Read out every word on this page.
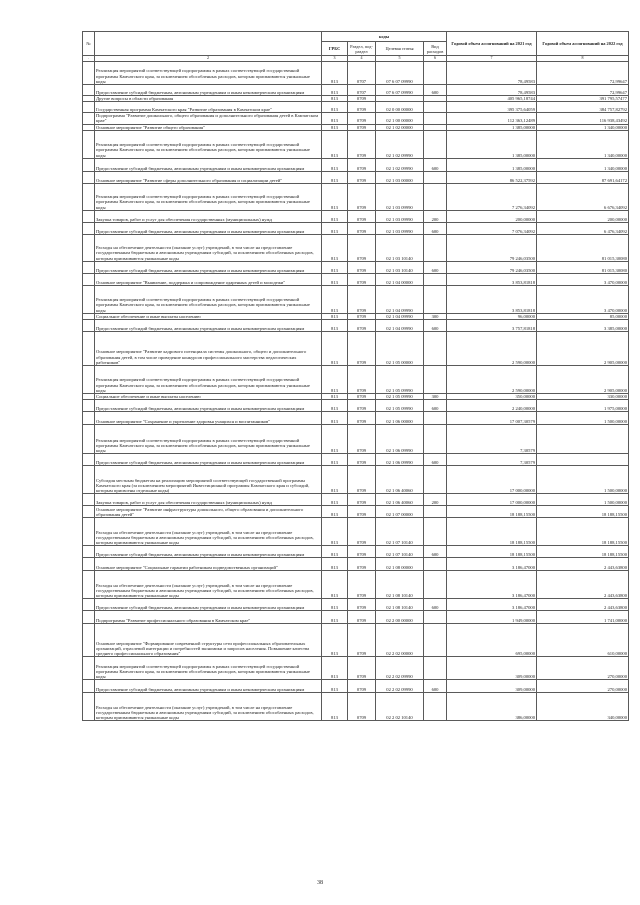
№		коды				Годовой объем ассигнований на 2021 год	Годовой объем ассигнований на 2022 год
		ГРБС	Раздел, под-раздел	Целевая статья	Вид расходов		
.	2	3	4	5	6	7	8
	Реализация мероприятий соответствующей подпрограммы в рамках соответствующей государственной программы Камчатского края, за исключением обособленных расходов, которым присваиваются уникальные коды	813	0707	07 6 07 09990		78,49583	72,99647
	Предоставление субсидий бюджетным, автономным учреждениям и иным некоммерческим организациям	813	0707	07 6 07 09990	600	78,49583	72,99647
	Другие вопросы в области образования	813	0709			405 965,18744	391 795,57477
	Государственная программа Камчатского края "Развитие образования в Камчатском крае"	813	0709	02 0 00 00000		395 375,64059	384 757,82792
	Подпрограмма "Развитие дошкольного, общего образования и дополнительного образования детей в Камчатском крае"	813	0709	02 1 00 00000		112 363,12489	116 938,43492
	Основное мероприятие "Развитие общего образования"	813	0709	02 1 02 00000		1 385,00000	1 340,00000
	Реализация мероприятий соответствующей подпрограммы в рамках соответствующей государственной программы Камчатского края, за исключением обособленных расходов, которым присваиваются уникальные коды	813	0709	02 1 02 09990		1 385,00000	1 340,00000
	Предоставление субсидий бюджетным, автономным учреждениям и иным некоммерческим организациям	813	0709	02 1 02 09990	600	1 385,00000	1 340,00000
	Основное мероприятие "Развитие сферы дополнительного образования и социализации детей"	813	0709	02 1 03 00000		86 522,37592	87 691,64172
	Реализация мероприятий соответствующей подпрограммы в рамках соответствующей государственной программы Камчатского края, за исключением обособленных расходов, которым присваиваются уникальные коды	813	0709	02 1 03 09990		7 276,34092	6 676,34092
	Закупка товаров, работ и услуг для обеспечения государственных (муниципальных) нужд	813	0709	02 1 03 09990	200	200,00000	200,00000
	Предоставление субсидий бюджетным, автономным учреждениям и иным некоммерческим организациям	813	0709	02 1 03 09990	600	7 076,34092	6 476,34092
	Расходы на обеспечение деятельности (оказание услуг) учреждений, в том числе на предоставление государственным бюджетным и автономным учреждениям субсидий, за исключением обособленных расходов, которым присваиваются уникальные коды	813	0709	02 1 03 10140		79 246,03500	81 015,30080
	Предоставление субсидий бюджетным, автономным учреждениям и иным некоммерческим организациям	813	0709	02 1 03 10140	600	79 246,03500	81 015,30080
	Основное мероприятие "Выявление, поддержка и сопровождение одаренных детей и молодежи"	813	0709	02 1 04 00000		3 853,81818	3 470,00000
	Реализация мероприятий соответствующей подпрограммы в рамках соответствующей государственной программы Камчатского края, за исключением обособленных расходов, которым присваиваются уникальные коды	813	0709	02 1 04 09990		3 853,81818	3 470,00000
	Социальное обеспечение и иные выплаты населению	813	0709	02 1 04 09990	300	96,00000	85,00000
	Предоставление субсидий бюджетным, автономным учреждениям и иным некоммерческим организациям	813	0709	02 1 04 09990	600	3 757,81818	3 385,00000
	Основное мероприятие "Развитие кадрового потенциала системы дошкольного, общего и дополнительного образования детей, в том числе проведение конкурсов профессионального мастерства педагогических работников"	813	0709	02 1 05 00000		2 590,00000	2 905,00000
	Реализация мероприятий соответствующей подпрограммы в рамках соответствующей государственной программы Камчатского края, за исключением обособленных расходов, которым присваиваются уникальные коды	813	0709	02 1 05 09990		2 590,00000	2 905,00000
	Социальное обеспечение и иные выплаты населению	813	0709	02 1 05 09990	300	350,00000	330,00000
	Предоставление субсидий бюджетным, автономным учреждениям и иным некоммерческим организациям	813	0709	02 1 05 09990	600	2 240,00000	1 975,00000
	Основное мероприятие "Сохранение и укрепление здоровья учащихся и воспитанников"	813	0709	02 1 06 00000		17 007,30579	1 500,00000
	Реализация мероприятий соответствующей подпрограммы в рамках соответствующей государственной программы Камчатского края, за исключением обособленных расходов, которым присваиваются уникальные коды	813	0709	02 1 06 09990		7,30579	
	Предоставление субсидий бюджетным, автономным учреждениям и иным некоммерческим организациям	813	0709	02 1 06 09990	600	7,30579	
	Субсидия местным бюджетам на реализацию мероприятий соответствующей государственной программы Камчатского края (за исключением мероприятий Инвестиционной программы Камчатского края и субсидий, которым присвоены отдельные коды)	813	0709	02 1 06 40060		17 000,00000	1 500,00000
	Закупка товаров, работ и услуг для обеспечения государственных (муниципальных) нужд	813	0709	02 1 06 40060	200	17 000,00000	1 500,00000
	Основное мероприятие "Развитие инфраструктуры дошкольного, общего образования и дополнительного образования детей"	813	0709	02 1 07 00000		18 188,15500	18 188,15500
	Расходы на обеспечение деятельности (оказание услуг) учреждений, в том числе на предоставление государственным бюджетным и автономным учреждениям субсидий, за исключением обособленных расходов, которым присваиваются уникальные коды	813	0709	02 1 07 10140		18 188,15500	18 188,15500
	Предоставление субсидий бюджетным, автономным учреждениям и иным некоммерческим организациям	813	0709	02 1 07 10140	600	18 188,15500	18 188,15500
	Основное мероприятие "Социальные гарантии работникам подведомственных организаций"	813	0709	02 1 08 00000		3 186,47000	2 443,63800
	Расходы на обеспечение деятельности (оказание услуг) учреждений, в том числе на предоставление государственным бюджетным и автономным учреждениям субсидий, за исключением обособленных расходов, которым присваиваются уникальные коды	813	0709	02 1 08 10140		3 186,47000	2 443,63800
	Предоставление субсидий бюджетным, автономным учреждениям и иным некоммерческим организациям	813	0709	02 1 08 10140	600	3 186,47000	2 443,63800
	Подпрограмма "Развитие профессионального образования в Камчатском крае"	813	0709	02 2 00 00000		1 949,00000	1 741,00000
	Основное мероприятие "Формирование современной структуры сети профессиональных образовательных организаций, отраслевой интеграции и потребностей экономики и запросов населения. Повышение качества среднего профессионального образования"	813	0709	02 2 02 00000		695,00000	610,00000
	Реализация мероприятий соответствующей подпрограммы в рамках соответствующей государственной программы Камчатского края, за исключением обособленных расходов, которым присваиваются уникальные коды	813	0709	02 2 02 09990		309,00000	270,00000
	Предоставление субсидий бюджетным, автономным учреждениям и иным некоммерческим организациям	813	0709	02 2 02 09990	600	309,00000	270,00000
	Расходы на обеспечение деятельности (оказание услуг) учреждений, в том числе на предоставление государственным бюджетным и автономным учреждениям субсидий, за исключением обособленных расходов, которым присваиваются уникальные коды	813	0709	02 2 02 10140		386,00000	340,00000
38
